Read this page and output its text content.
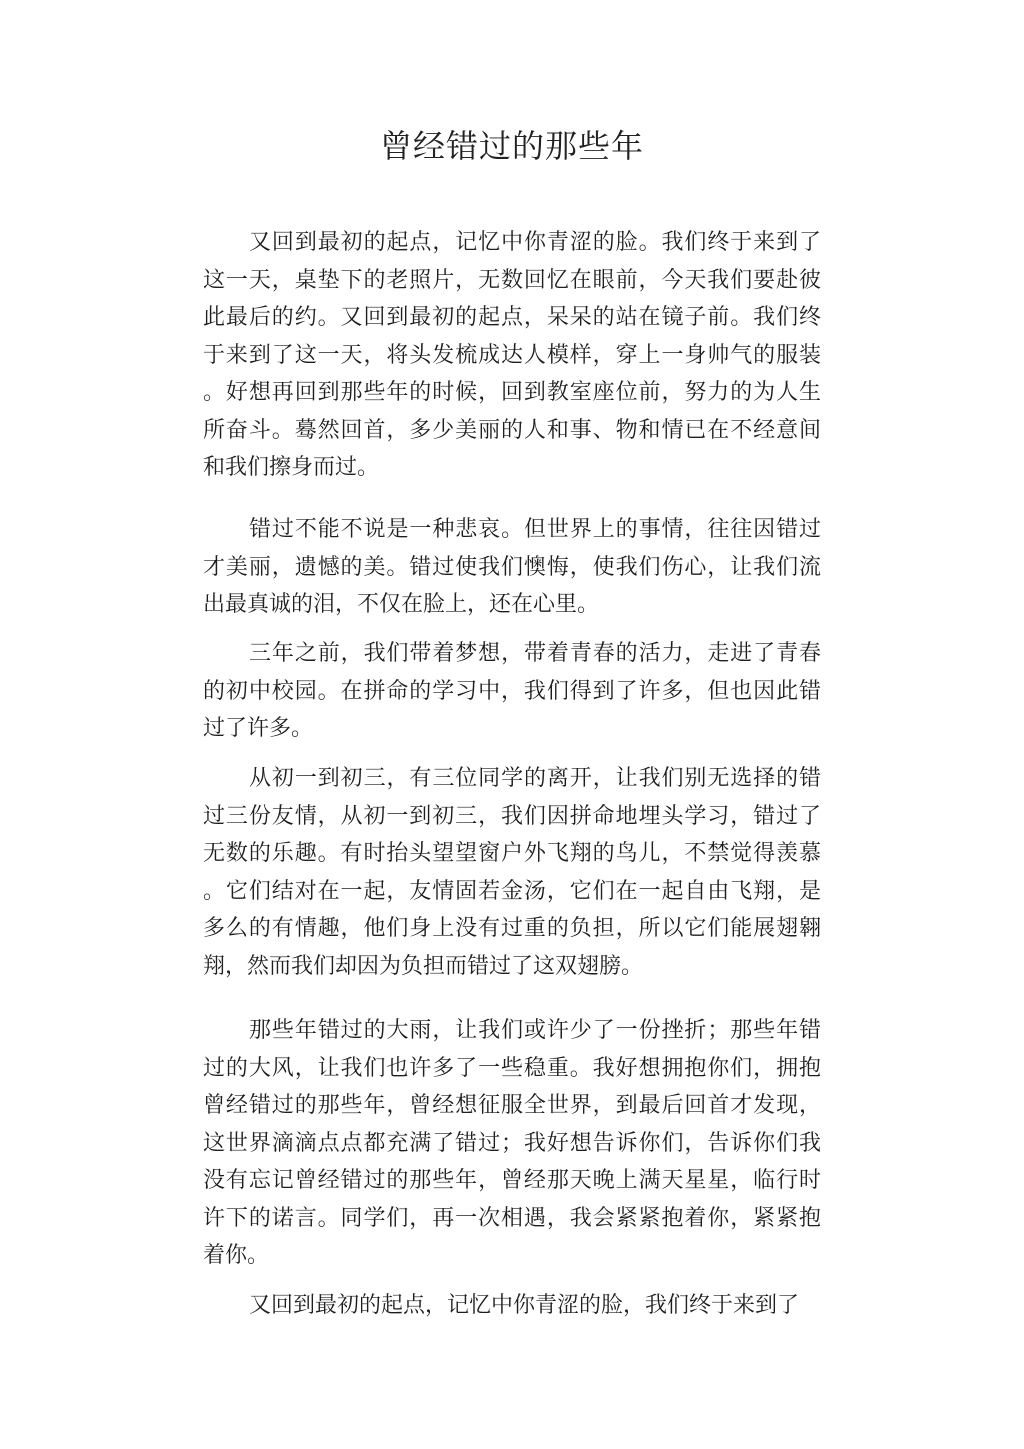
曾经错过的那些年
又回到最初的起点，记忆中你青涩的脸。我们终于来到了
这一天，桌垫下的老照片，无数回忆在眼前，今天我们要赴彼
此最后的约。又回到最初的起点，呆呆的站在镜子前。我们终
于来到了这一天，将头发梳成达人模样，穿上一身帅气的服装
。好想再回到那些年的时候，回到教室座位前，努力的为人生
所奋斗。蓦然回首，多少美丽的人和事、物和情已在不经意间
和我们擦身而过。
错过不能不说是一种悲哀。但世界上的事情，往往因错过
才美丽，遗憾的美。错过使我们懊悔，使我们伤心，让我们流
出最真诚的泪，不仅在脸上，还在心里。
三年之前，我们带着梦想，带着青春的活力，走进了青春
的初中校园。在拼命的学习中，我们得到了许多，但也因此错
过了许多。
从初一到初三，有三位同学的离开，让我们别无选择的错
过三份友情，从初一到初三，我们因拼命地埋头学习，错过了
无数的乐趣。有时抬头望望窗户外飞翔的鸟儿，不禁觉得羡慕
。它们结对在一起，友情固若金汤，它们在一起自由飞翔，是
多么的有情趣，他们身上没有过重的负担，所以它们能展翅翱
翔，然而我们却因为负担而错过了这双翅膀。
那些年错过的大雨，让我们或许少了一份挫折；那些年错
过的大风，让我们也许多了一些稳重。我好想拥抱你们，拥抱
曾经错过的那些年，曾经想征服全世界，到最后回首才发现，
这世界滴滴点点都充满了错过；我好想告诉你们，告诉你们我
没有忘记曾经错过的那些年，曾经那天晚上满天星星，临行时
许下的诺言。同学们，再一次相遇，我会紧紧抱着你，紧紧抱
着你。
又回到最初的起点，记忆中你青涩的脸，我们终于来到了
